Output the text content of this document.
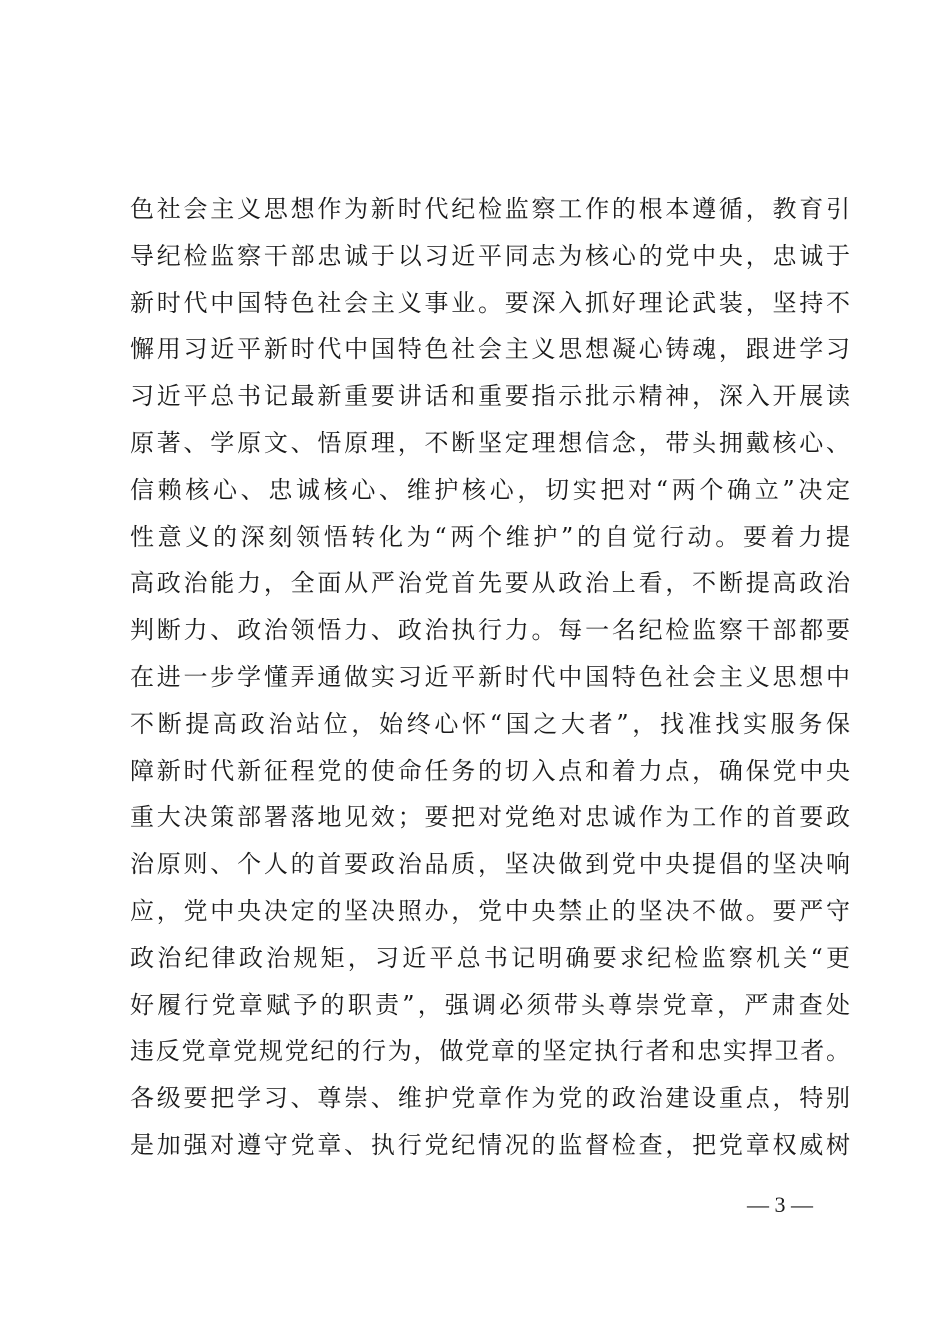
色社会主义思想作为新时代纪检监察工作的根本遵循，教育引
导纪检监察干部忠诚于以习近平同志为核心的党中央，忠诚于
新时代中国特色社会主义事业。要深入抓好理论武装，坚持不
懈用习近平新时代中国特色社会主义思想凝心铸魂，跟进学习
习近平总书记最新重要讲话和重要指示批示精神，深入开展读
原著、学原文、悟原理，不断坚定理想信念，带头拥戴核心、
信赖核心、忠诚核心、维护核心，切实把对“两个确立”决定
性意义的深刻领悟转化为“两个维护”的自觉行动。要着力提
高政治能力，全面从严治党首先要从政治上看，不断提高政治
判断力、政治领悟力、政治执行力。每一名纪检监察干部都要
在进一步学懂弄通做实习近平新时代中国特色社会主义思想中
不断提高政治站位，始终心怀“国之大者”，找准找实服务保
障新时代新征程党的使命任务的切入点和着力点，确保党中央
重大决策部署落地见效；要把对党绝对忠诚作为工作的首要政
治原则、个人的首要政治品质，坚决做到党中央提倡的坚决响
应，党中央决定的坚决照办，党中央禁止的坚决不做。要严守
政治纪律政治规矩，习近平总书记明确要求纪检监察机关“更
好履行党章赋予的职责”，强调必须带头尊崇党章，严肃查处
违反党章党规党纪的行为，做党章的坚定执行者和忠实捍卫者。
各级要把学习、尊崇、维护党章作为党的政治建设重点，特别
是加强对遵守党章、执行党纪情况的监督检查，把党章权威树
— 3 —
